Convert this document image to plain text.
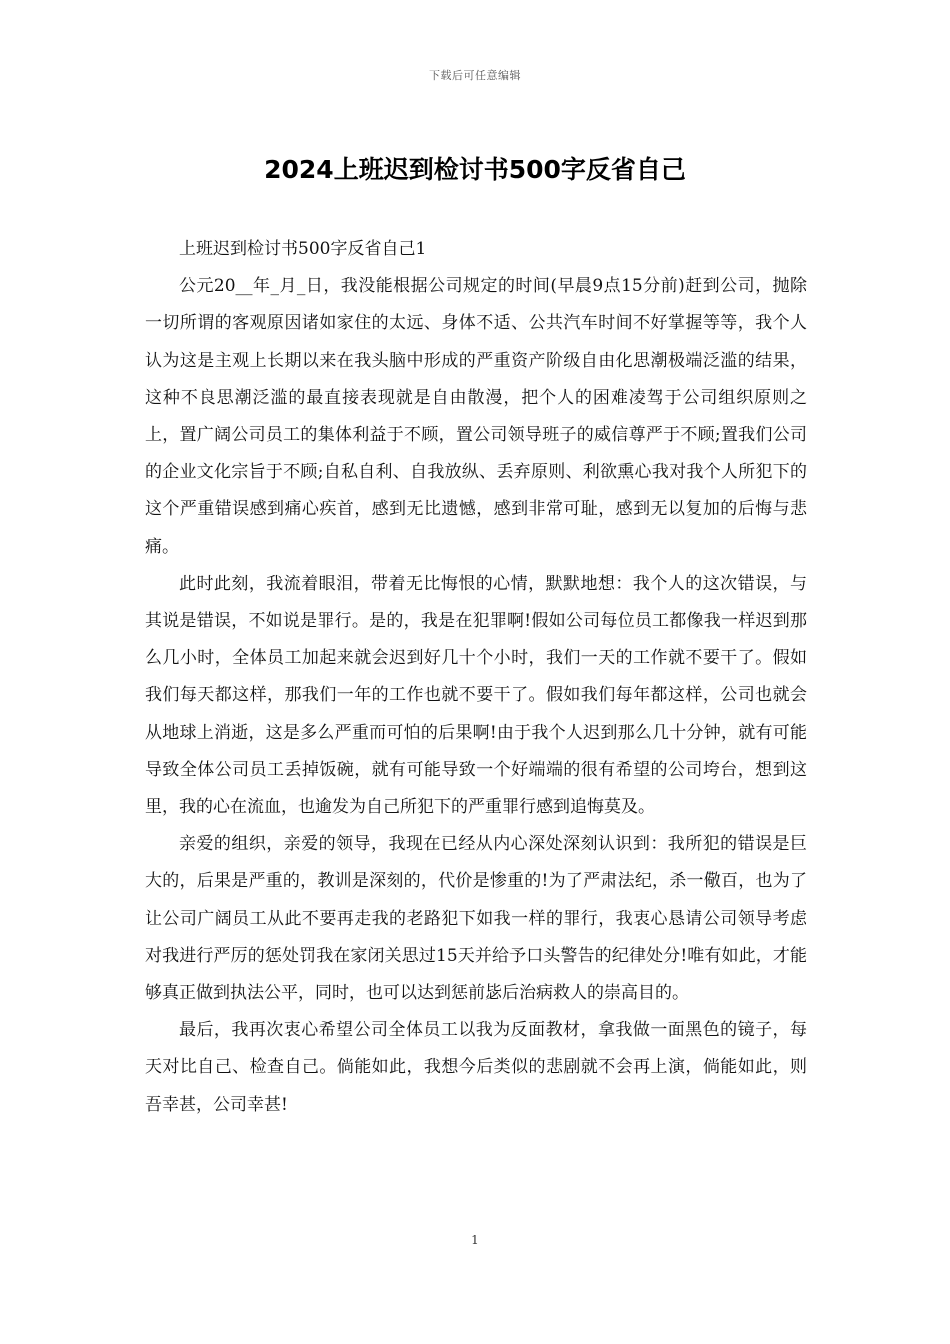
下载后可任意编辑
2024上班迟到检讨书500字反省自己

上班迟到检讨书500字反省自己1

公元20__年_月_日，我没能根据公司规定的时间(早晨9点15分前)赶到公司，抛除一切所谓的客观原因诸如家住的太远、身体不适、公共汽车时间不好掌握等等，我个人认为这是主观上长期以来在我头脑中形成的严重资产阶级自由化思潮极端泛滥的结果，这种不良思潮泛滥的最直接表现就是自由散漫，把个人的困难凌驾于公司组织原则之上，置广阔公司员工的集体利益于不顾，置公司领导班子的威信尊严于不顾;置我们公司的企业文化宗旨于不顾;自私自利、自我放纵、丢弃原则、利欲熏心我对我个人所犯下的这个严重错误感到痛心疾首，感到无比遗憾，感到非常可耻，感到无以复加的后悔与悲痛。

此时此刻，我流着眼泪，带着无比悔恨的心情，默默地想：我个人的这次错误，与其说是错误，不如说是罪行。是的，我是在犯罪啊!假如公司每位员工都像我一样迟到那么几小时，全体员工加起来就会迟到好几十个小时，我们一天的工作就不要干了。假如我们每天都这样，那我们一年的工作也就不要干了。假如我们每年都这样，公司也就会从地球上消逝，这是多么严重而可怕的后果啊!由于我个人迟到那么几十分钟，就有可能导致全体公司员工丢掉饭碗，就有可能导致一个好端端的很有希望的公司垮台，想到这里，我的心在流血，也逾发为自己所犯下的严重罪行感到追悔莫及。

亲爱的组织，亲爱的领导，我现在已经从内心深处深刻认识到：我所犯的错误是巨大的，后果是严重的，教训是深刻的，代价是惨重的!为了严肃法纪，杀一儆百，也为了让公司广阔员工从此不要再走我的老路犯下如我一样的罪行，我衷心恳请公司领导考虑对我进行严厉的惩处罚我在家闭关思过15天并给予口头警告的纪律处分!唯有如此，才能够真正做到执法公平，同时，也可以达到惩前毖后治病救人的崇高目的。

最后，我再次衷心希望公司全体员工以我为反面教材，拿我做一面黑色的镜子，每天对比自己、检查自己。倘能如此，我想今后类似的悲剧就不会再上演，倘能如此，则吾幸甚，公司幸甚!

1
